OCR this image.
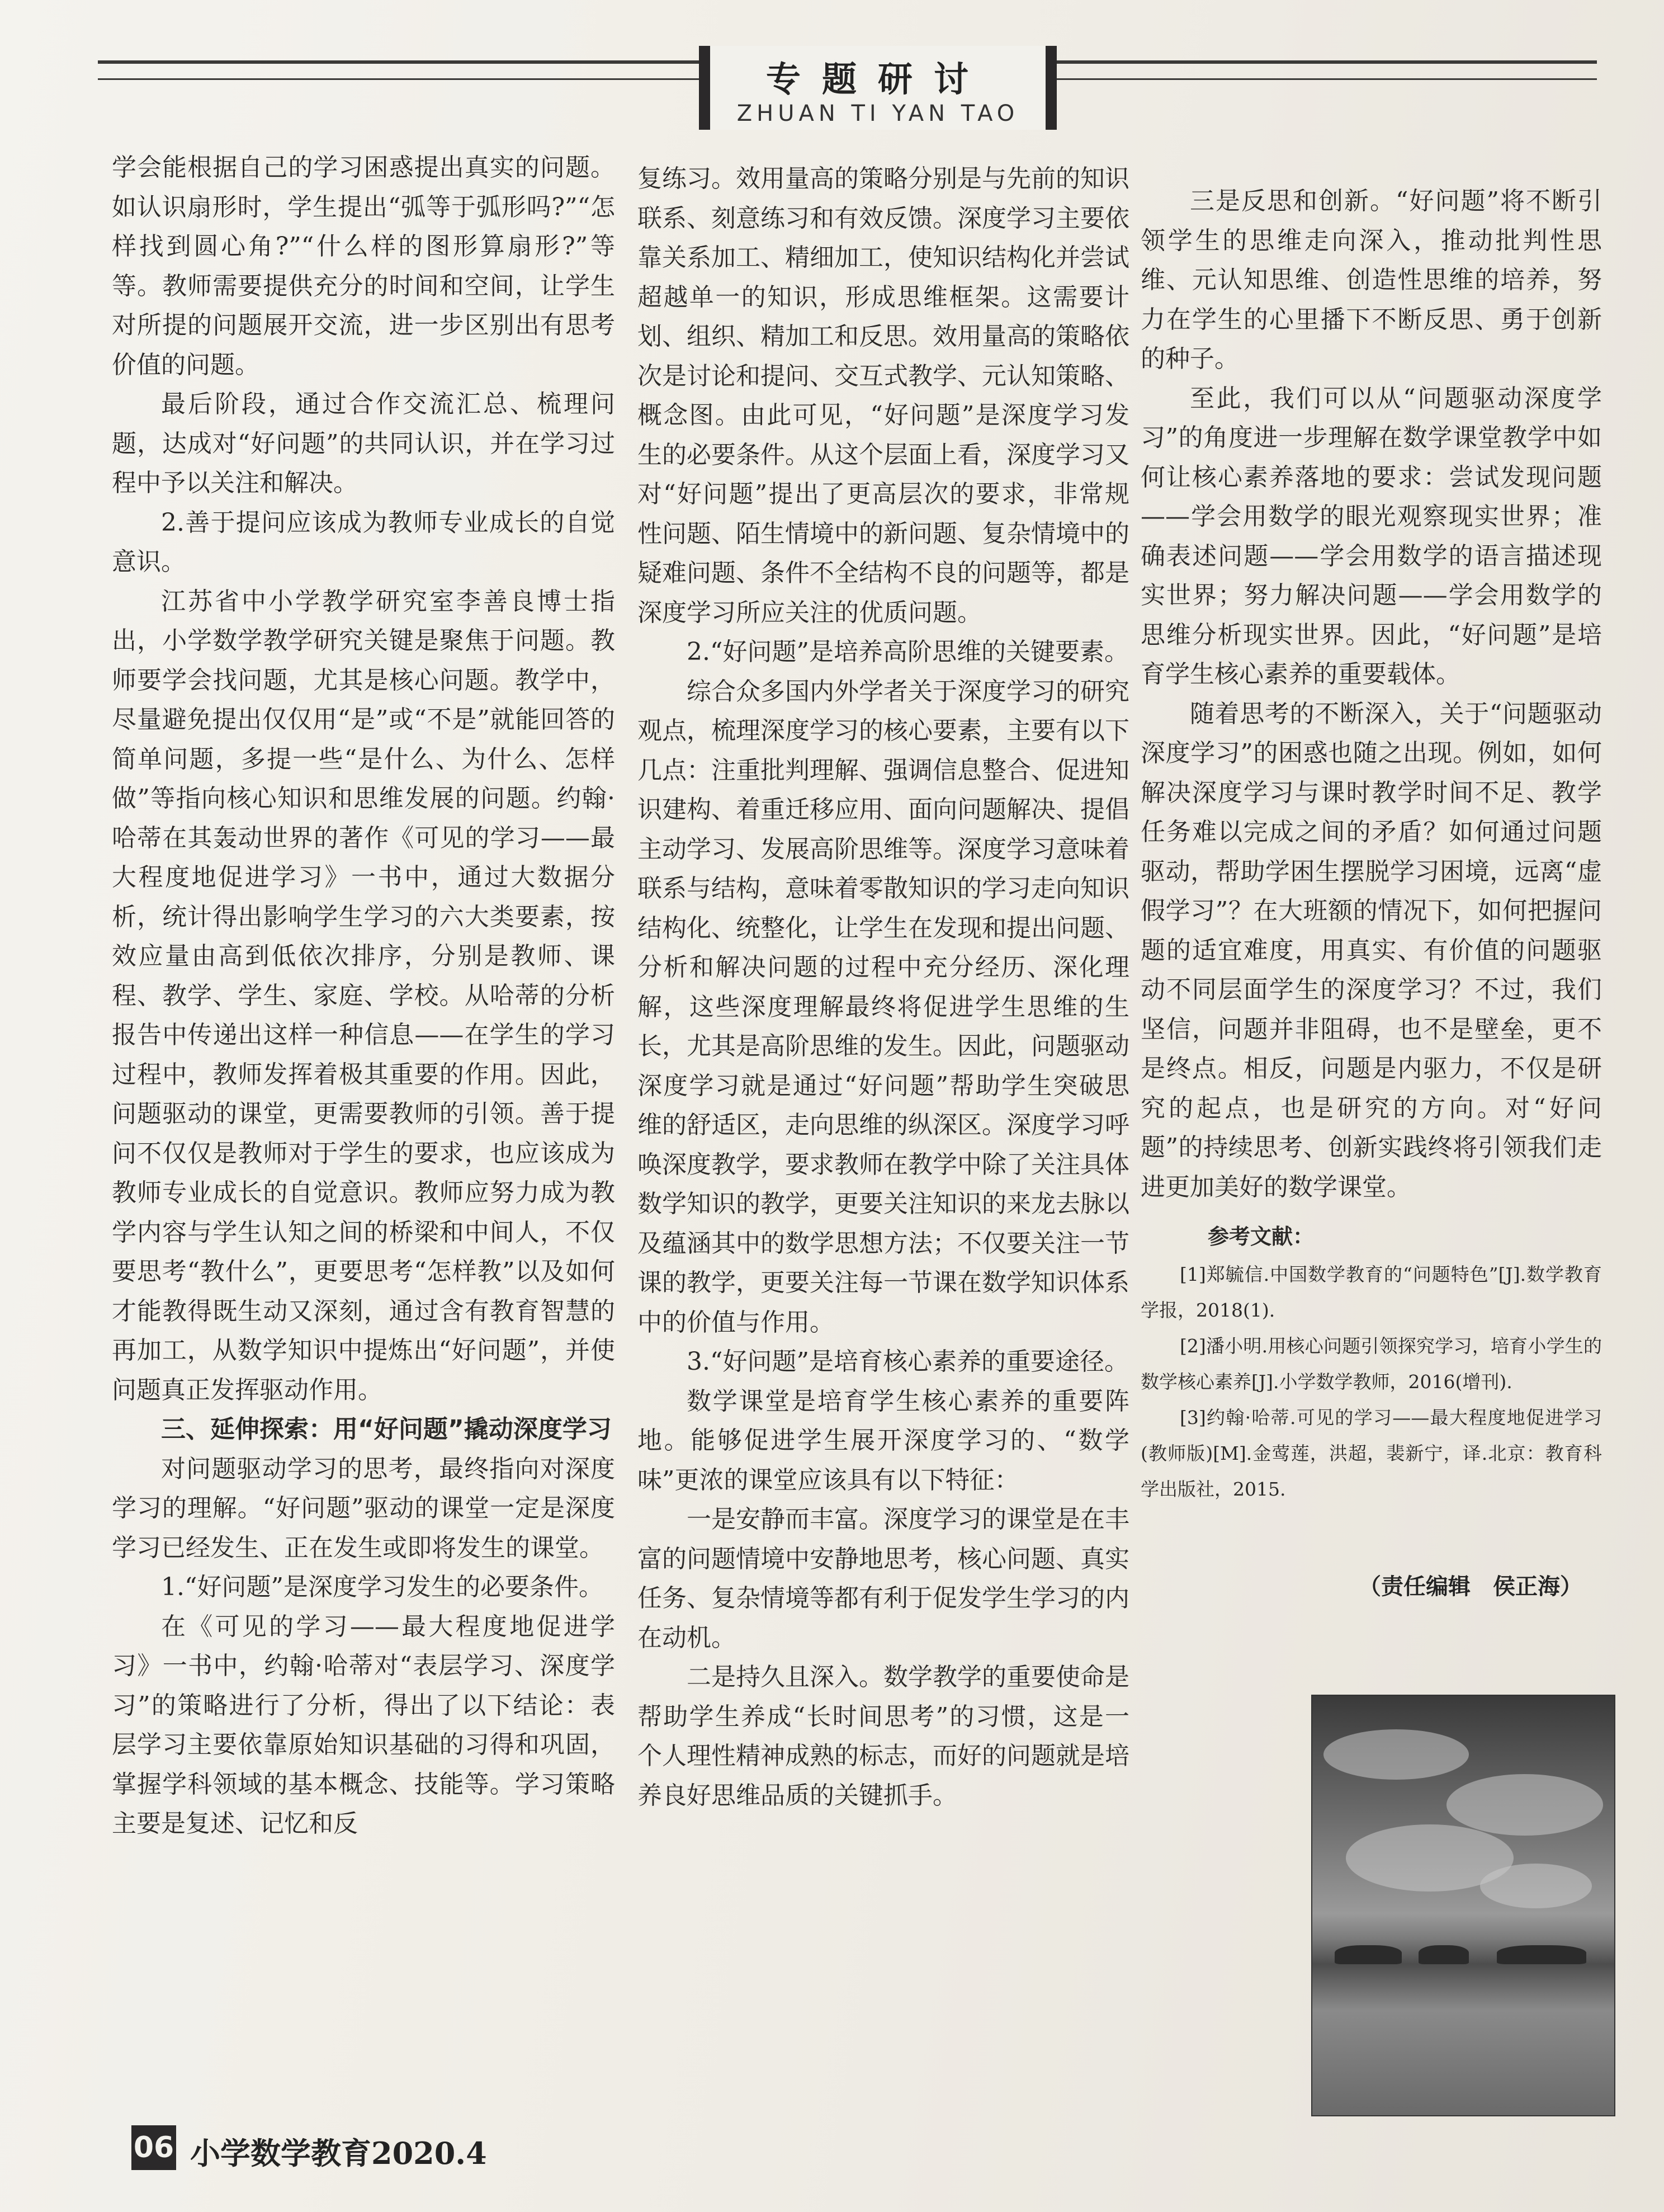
专题研讨
ZHUAN TI YAN TAO

学会能根据自己的学习困惑提出真实的问题。如认识扇形时，学生提出“弧等于弧形吗?”“怎样找到圆心角?”“什么样的图形算扇形?”等等。教师需要提供充分的时间和空间，让学生对所提的问题展开交流，进一步区别出有思考价值的问题。

最后阶段，通过合作交流汇总、梳理问题，达成对“好问题”的共同认识，并在学习过程中予以关注和解决。

2.善于提问应该成为教师专业成长的自觉意识。

江苏省中小学教学研究室李善良博士指出，小学数学教学研究关键是聚焦于问题。教师要学会找问题，尤其是核心问题。教学中，尽量避免提出仅仅用“是”或“不是”就能回答的简单问题，多提一些“是什么、为什么、怎样做”等指向核心知识和思维发展的问题。约翰·哈蒂在其轰动世界的著作《可见的学习——最大程度地促进学习》一书中，通过大数据分析，统计得出影响学生学习的六大类要素，按效应量由高到低依次排序，分别是教师、课程、教学、学生、家庭、学校。从哈蒂的分析报告中传递出这样一种信息——在学生的学习过程中，教师发挥着极其重要的作用。因此，问题驱动的课堂，更需要教师的引领。善于提问不仅仅是教师对于学生的要求，也应该成为教师专业成长的自觉意识。教师应努力成为教学内容与学生认知之间的桥梁和中间人，不仅要思考“教什么”，更要思考“怎样教”以及如何才能教得既生动又深刻，通过含有教育智慧的再加工，从数学知识中提炼出“好问题”，并使问题真正发挥驱动作用。

三、延伸探索：用“好问题”撬动深度学习

对问题驱动学习的思考，最终指向对深度学习的理解。“好问题”驱动的课堂一定是深度学习已经发生、正在发生或即将发生的课堂。

1.“好问题”是深度学习发生的必要条件。

在《可见的学习——最大程度地促进学习》一书中，约翰·哈蒂对“表层学习、深度学习”的策略进行了分析，得出了以下结论：表层学习主要依靠原始知识基础的习得和巩固，掌握学科领域的基本概念、技能等。学习策略主要是复述、记忆和反

复练习。效用量高的策略分别是与先前的知识联系、刻意练习和有效反馈。深度学习主要依靠关系加工、精细加工，使知识结构化并尝试超越单一的知识，形成思维框架。这需要计划、组织、精加工和反思。效用量高的策略依次是讨论和提问、交互式教学、元认知策略、概念图。由此可见，“好问题”是深度学习发生的必要条件。从这个层面上看，深度学习又对“好问题”提出了更高层次的要求，非常规性问题、陌生情境中的新问题、复杂情境中的疑难问题、条件不全结构不良的问题等，都是深度学习所应关注的优质问题。

2.“好问题”是培养高阶思维的关键要素。

综合众多国内外学者关于深度学习的研究观点，梳理深度学习的核心要素，主要有以下几点：注重批判理解、强调信息整合、促进知识建构、着重迁移应用、面向问题解决、提倡主动学习、发展高阶思维等。深度学习意味着联系与结构，意味着零散知识的学习走向知识结构化、统整化，让学生在发现和提出问题、分析和解决问题的过程中充分经历、深化理解，这些深度理解最终将促进学生思维的生长，尤其是高阶思维的发生。因此，问题驱动深度学习就是通过“好问题”帮助学生突破思维的舒适区，走向思维的纵深区。深度学习呼唤深度教学，要求教师在教学中除了关注具体数学知识的教学，更要关注知识的来龙去脉以及蕴涵其中的数学思想方法；不仅要关注一节课的教学，更要关注每一节课在数学知识体系中的价值与作用。

3.“好问题”是培育核心素养的重要途径。

数学课堂是培育学生核心素养的重要阵地。能够促进学生展开深度学习的、“数学味”更浓的课堂应该具有以下特征：

一是安静而丰富。深度学习的课堂是在丰富的问题情境中安静地思考，核心问题、真实任务、复杂情境等都有利于促发学生学习的内在动机。

二是持久且深入。数学教学的重要使命是帮助学生养成“长时间思考”的习惯，这是一个人理性精神成熟的标志，而好的问题就是培养良好思维品质的关键抓手。

三是反思和创新。“好问题”将不断引领学生的思维走向深入，推动批判性思维、元认知思维、创造性思维的培养，努力在学生的心里播下不断反思、勇于创新的种子。

至此，我们可以从“问题驱动深度学习”的角度进一步理解在数学课堂教学中如何让核心素养落地的要求：尝试发现问题——学会用数学的眼光观察现实世界；准确表述问题——学会用数学的语言描述现实世界；努力解决问题——学会用数学的思维分析现实世界。因此，“好问题”是培育学生核心素养的重要载体。

随着思考的不断深入，关于“问题驱动深度学习”的困惑也随之出现。例如，如何解决深度学习与课时教学时间不足、教学任务难以完成之间的矛盾？如何通过问题驱动，帮助学困生摆脱学习困境，远离“虚假学习”？在大班额的情况下，如何把握问题的适宜难度，用真实、有价值的问题驱动不同层面学生的深度学习？不过，我们坚信，问题并非阻碍，也不是壁垒，更不是终点。相反，问题是内驱力，不仅是研究的起点，也是研究的方向。对“好问题”的持续思考、创新实践终将引领我们走进更加美好的数学课堂。

参考文献：

[1]郑毓信.中国数学教育的“问题特色”[J].数学教育学报，2018(1).

[2]潘小明.用核心问题引领探究学习，培育小学生的数学核心素养[J].小学数学教师，2016(增刊).

[3]约翰·哈蒂.可见的学习——最大程度地促进学习(教师版)[M].金莺莲，洪超，裴新宁，译.北京：教育科学出版社，2015.

（责任编辑　侯正海）
06 小学数学教育2020.4
